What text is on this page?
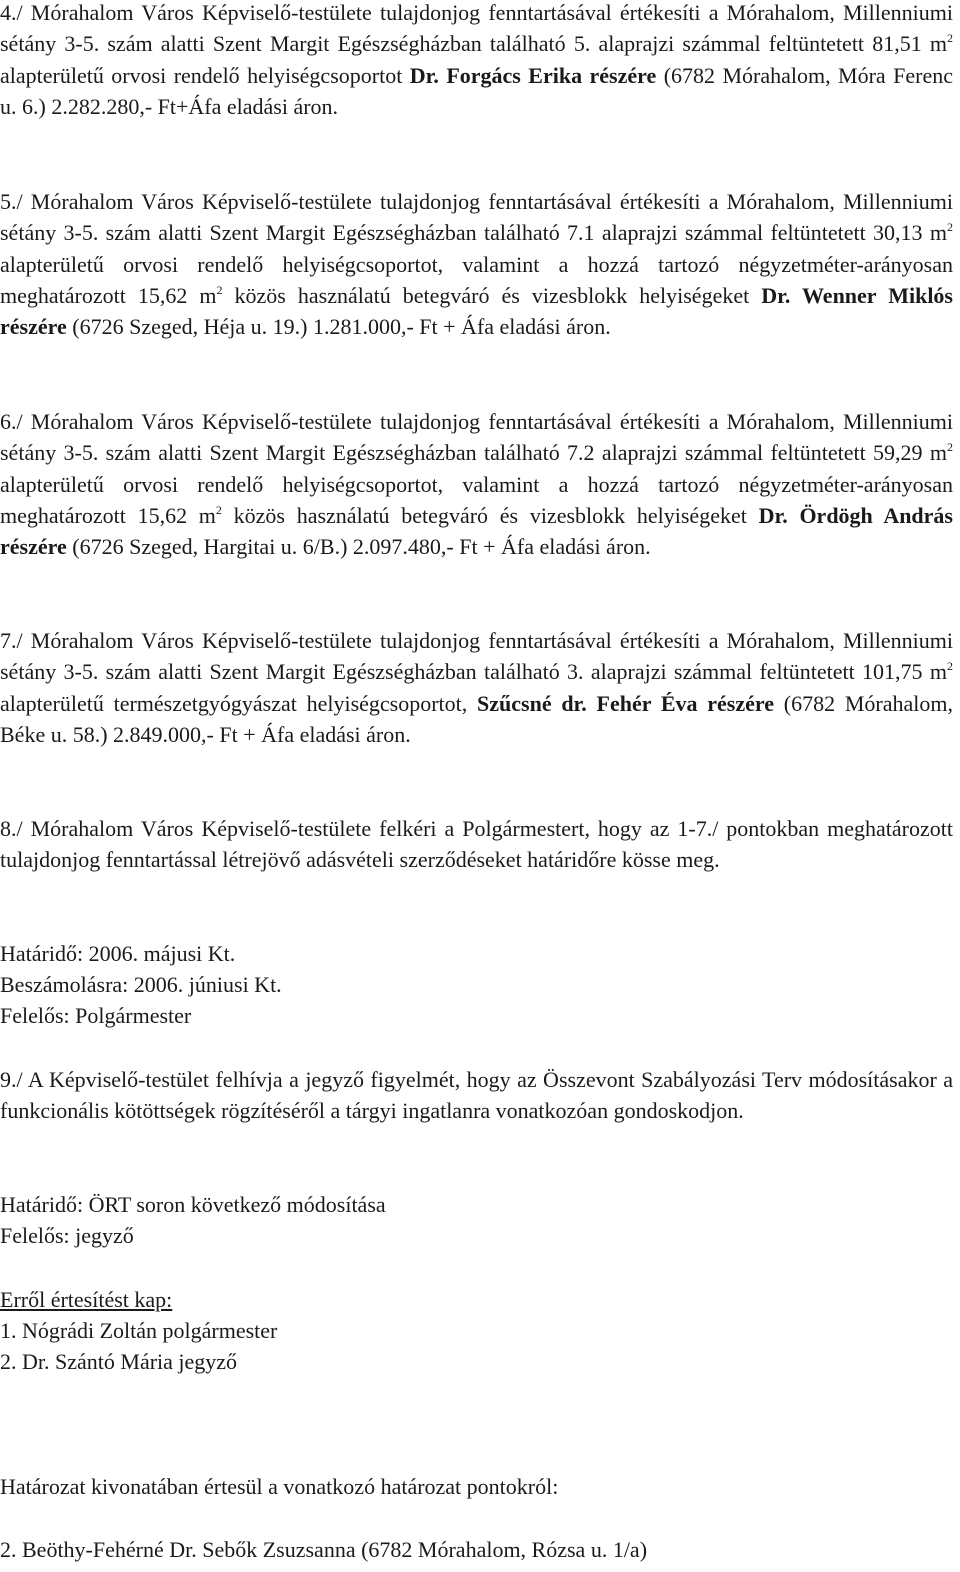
4./ Mórahalom Város Képviselő-testülete tulajdonjog fenntartásával értékesíti a Mórahalom, Millenniumi sétány 3-5. szám alatti Szent Margit Egészségházban található 5. alaprajzi számmal feltüntetett 81,51 $m^2$ alapterületű orvosi rendelő helyiségcsoportot Dr. Forgács Erika részére (6782 Mórahalom, Móra Ferenc u. 6.) 2.282.280,- Ft+Áfa eladási áron.

5./ Mórahalom Város Képviselő-testülete tulajdonjog fenntartásával értékesíti a Mórahalom, Millenniumi sétány 3-5. szám alatti Szent Margit Egészségházban található 7.1 alaprajzi számmal feltüntetett 30,13 $m^2$ alapterületű orvosi rendelő helyiségcsoportot, valamint a hozzá tartozó négyzetméter-arányosan meghatározott 15,62 $m^2$ közös használatú betegváró és vizesblokk helyiségeket Dr. Wenner Miklós részére (6726 Szeged, Héja u. 19.) 1.281.000,- Ft + Áfa eladási áron.

6./ Mórahalom Város Képviselő-testülete tulajdonjog fenntartásával értékesíti a Mórahalom, Millenniumi sétány 3-5. szám alatti Szent Margit Egészségházban található 7.2 alaprajzi számmal feltüntetett 59,29 $m^2$ alapterületű orvosi rendelő helyiségcsoportot, valamint a hozzá tartozó négyzetméter-arányosan meghatározott 15,62 $m^2$ közös használatú betegváró és vizesblokk helyiségeket Dr. Ördögh András részére (6726 Szeged, Hargitai u. 6/B.) 2.097.480,- Ft + Áfa eladási áron.

7./ Mórahalom Város Képviselő-testülete tulajdonjog fenntartásával értékesíti a Mórahalom, Millenniumi sétány 3-5. szám alatti Szent Margit Egészségházban található 3. alaprajzi számmal feltüntetett 101,75 $m^2$ alapterületű természetgyógyászat helyiségcsoportot, Szűcsné dr. Fehér Éva részére (6782 Mórahalom, Béke u. 58.) 2.849.000,- Ft + Áfa eladási áron.

8./ Mórahalom Város Képviselő-testülete felkéri a Polgármestert, hogy az 1-7./ pontokban meghatározott tulajdonjog fenntartással létrejövő adásvételi szerződéseket határidőre kösse meg.

Határidő: 2006. májusi Kt.
Beszámolásra: 2006. júniusi Kt.
Felelős: Polgármester

9./ A Képviselő-testület felhívja a jegyző figyelmét, hogy az Összevont Szabályozási Terv módosításakor a funkcionális kötöttségek rögzítéséről a tárgyi ingatlanra vonatkozóan gondoskodjon.

Határidő: ÖRT soron következő módosítása
Felelős: jegyző
Erről értesítést kap:
1. Nógrádi Zoltán polgármester
2. Dr. Szántó Mária jegyző
Határozat kivonatában értesül a vonatkozó határozat pontokról:
2. Beöthy-Fehérné Dr. Sebők Zsuzsanna (6782 Mórahalom, Rózsa u. 1/a)
